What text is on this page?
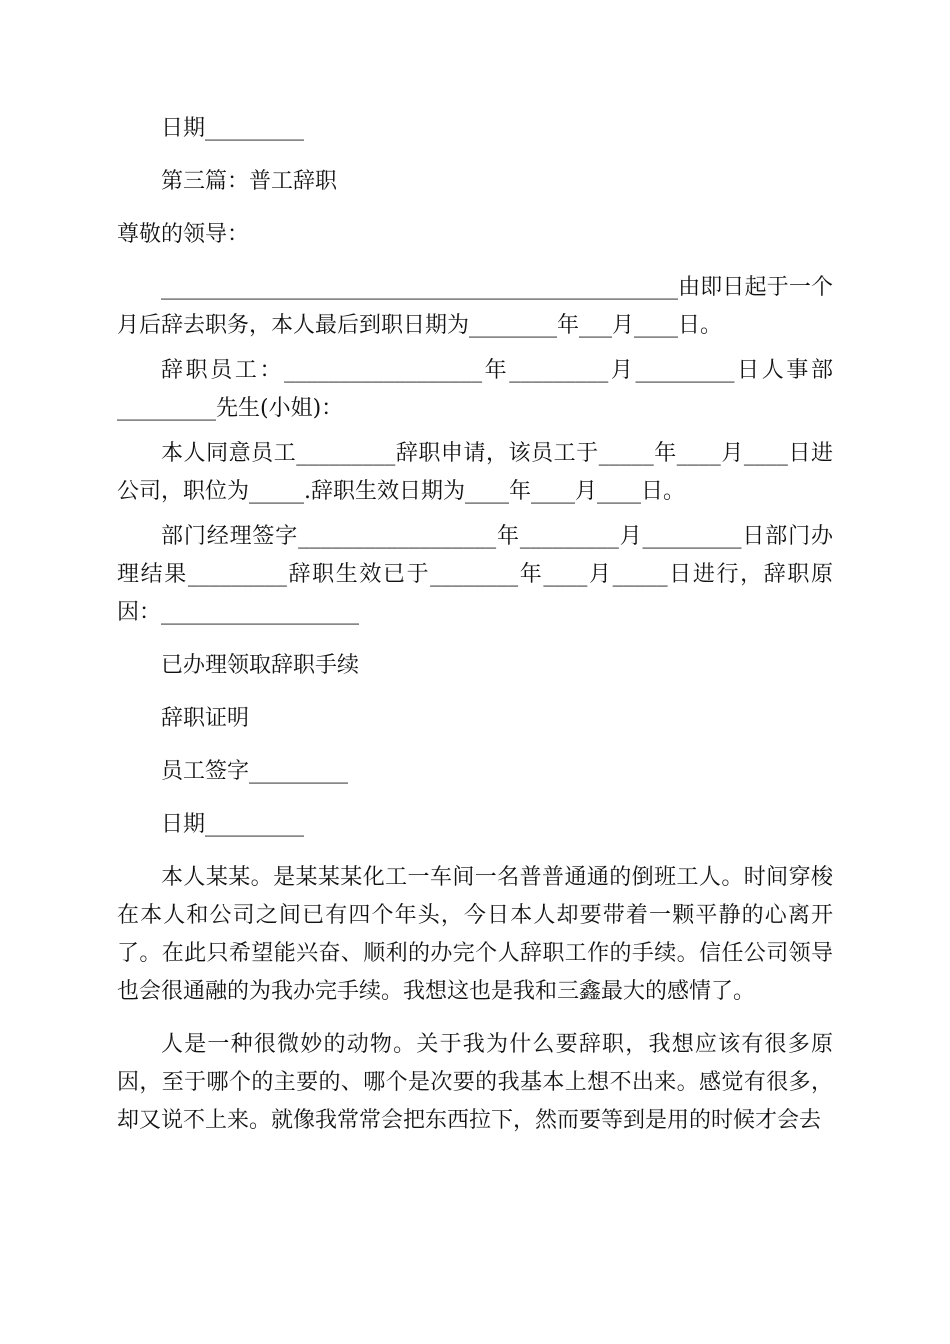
日期_________

第三篇：普工辞职

尊敬的领导：

_______________________________________________由即日起于一个月后辞去职务，本人最后到职日期为________年___月____日。

辞职员工：__________________年_________月_________日人事部_________先生(小姐)：

本人同意员工_________辞职申请，该员工于_____年____月____日进公司，职位为_____.辞职生效日期为____年____月____日。

部门经理签字__________________年_________月_________日部门办理结果_________辞职生效已于________年____月_____日进行，辞职原因：__________________

已办理领取辞职手续

辞职证明

员工签字_________

日期_________

本人某某。是某某某化工一车间一名普普通通的倒班工人。时间穿梭在本人和公司之间已有四个年头，今日本人却要带着一颗平静的心离开了。在此只希望能兴奋、顺利的办完个人辞职工作的手续。信任公司领导也会很通融的为我办完手续。我想这也是我和三鑫最大的感情了。

人是一种很微妙的动物。关于我为什么要辞职，我想应该有很多原因，至于哪个的主要的、哪个是次要的我基本上想不出来。感觉有很多，却又说不上来。就像我常常会把东西拉下，然而要等到是用的时候才会去
